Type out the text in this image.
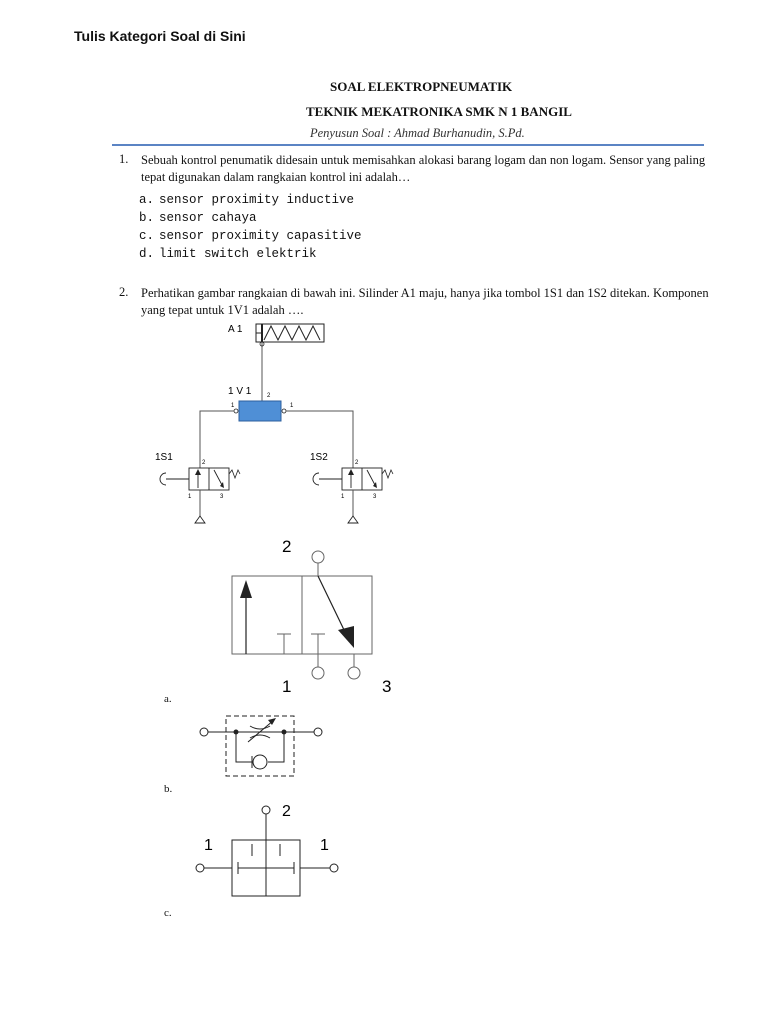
Tulis Kategori Soal di Sini
SOAL ELEKTROPNEUMATIK
TEKNIK MEKATRONIKA SMK N 1 BANGIL
Penyusun Soal : Ahmad Burhanudin, S.Pd.
1. Sebuah kontrol penumatik didesain untuk memisahkan alokasi barang logam dan non logam. Sensor yang paling tepat digunakan dalam rangkaian kontrol ini adalah…
a. sensor proximity inductive
b. sensor cahaya
c. sensor proximity capasitive
d. limit switch elektrik
2. Perhatikan gambar rangkaian di bawah ini. Silinder A1 maju, hanya jika tombol 1S1 dan 1S2 ditekan. Komponen yang tepat untuk 1V1 adalah ….
A 1
1 V 1	2
1	1
1S1	2
1	3
1S2	2
1	3
2
1	3
a.
b.
2
1	1
c.
